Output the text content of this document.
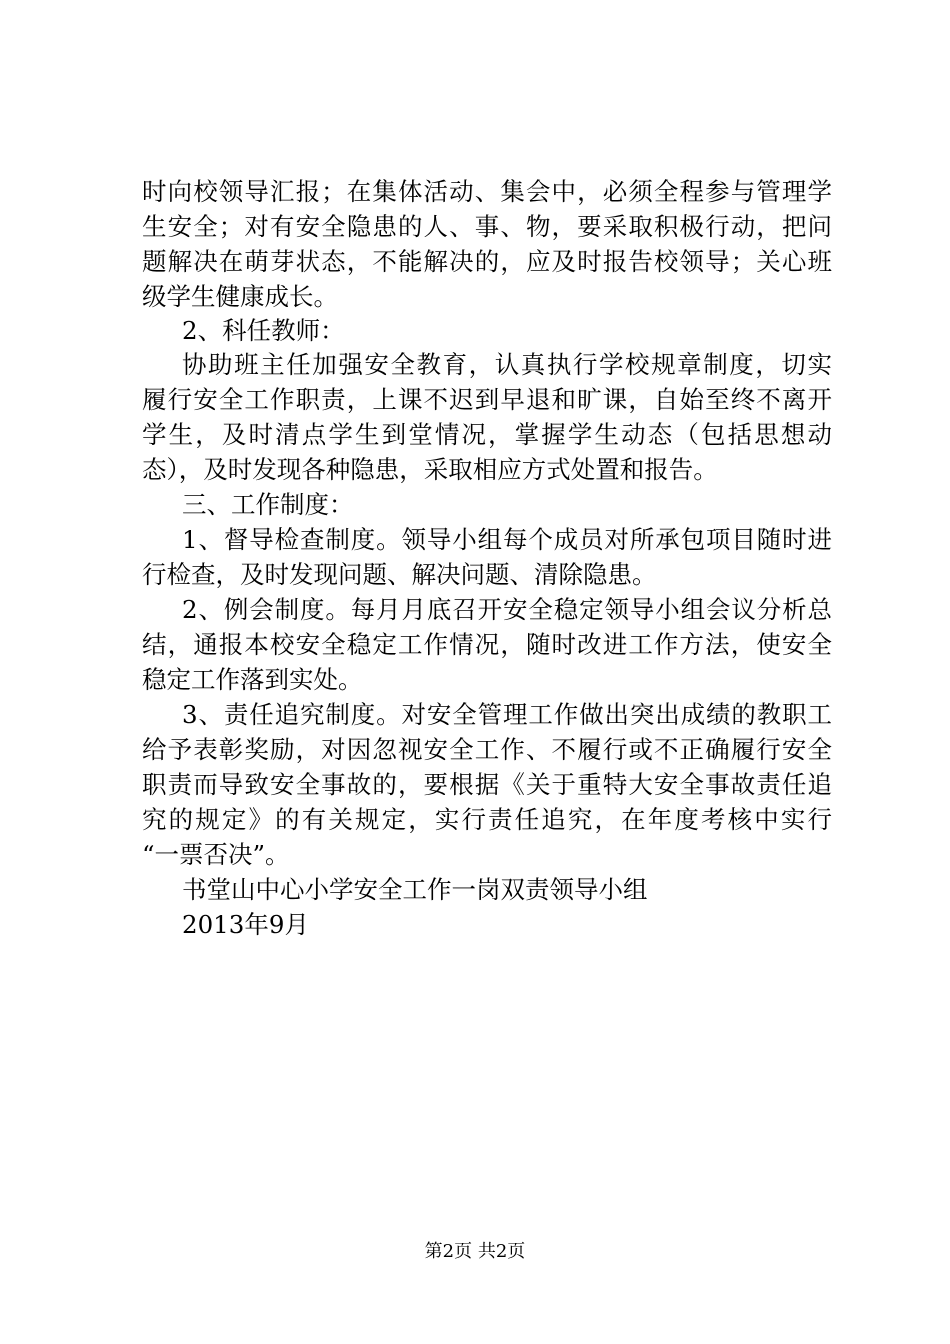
时向校领导汇报；在集体活动、集会中，必须全程参与管理学
生安全；对有安全隐患的人、事、物，要采取积极行动，把问
题解决在萌芽状态，不能解决的，应及时报告校领导；关心班
级学生健康成长。
2、科任教师：
协助班主任加强安全教育，认真执行学校规章制度，切实
履行安全工作职责，上课不迟到早退和旷课，自始至终不离开
学生，及时清点学生到堂情况，掌握学生动态（包括思想动
态），及时发现各种隐患，采取相应方式处置和报告。
三、工作制度：
1、督导检查制度。领导小组每个成员对所承包项目随时进
行检查，及时发现问题、解决问题、清除隐患。
2、例会制度。每月月底召开安全稳定领导小组会议分析总
结，通报本校安全稳定工作情况，随时改进工作方法，使安全
稳定工作落到实处。
3、责任追究制度。对安全管理工作做出突出成绩的教职工
给予表彰奖励，对因忽视安全工作、不履行或不正确履行安全
职责而导致安全事故的，要根据《关于重特大安全事故责任追
究的规定》的有关规定，实行责任追究，在年度考核中实行
“一票否决”。
书堂山中心小学安全工作一岗双责领导小组
2013年9月
第2页 共2页
